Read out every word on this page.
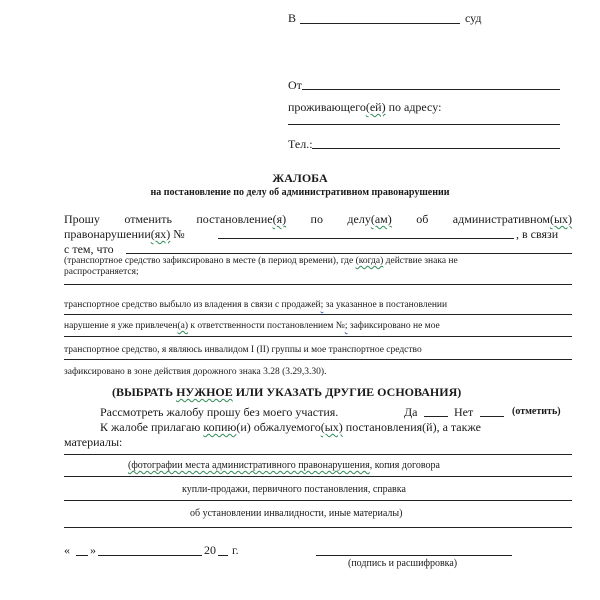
В	суд
От
проживающего(ей) по адресу:
Тел.:
ЖАЛОБА
на постановление по делу об административном правонарушении
Прошу отменить постановление(я) по делу(ам) об административном(ых)
правонарушении(ях) №	, в связи
с тем, что
(транспортное средство зафиксировано в месте (в период времени), где (когда) действие знака не
распространяется;
транспортное средство выбыло из владения в связи с продажей; за указанное в постановлении
нарушение я уже привлечен(а) к ответственности постановлением №; зафиксировано не мое
транспортное средство, я являюсь инвалидом I (II) группы и мое транспортное средство
зафиксировано в зоне действия дорожного знака 3.28 (3.29,3.30).
(ВЫБРАТЬ НУЖНОЕ ИЛИ УКАЗАТЬ ДРУГИЕ ОСНОВАНИЯ)
Рассмотреть жалобу прошу без моего участия.	Да	Нет	(отметить)
К жалобе прилагаю копию(и) обжалуемого(ых) постановления(й), а также
материалы:
(фотографии места административного правонарушения, копия договора
купли-продажи, первичного постановления, справка
об установлении инвалидности, иные материалы)
« »	20 г.
(подпись и расшифровка)
